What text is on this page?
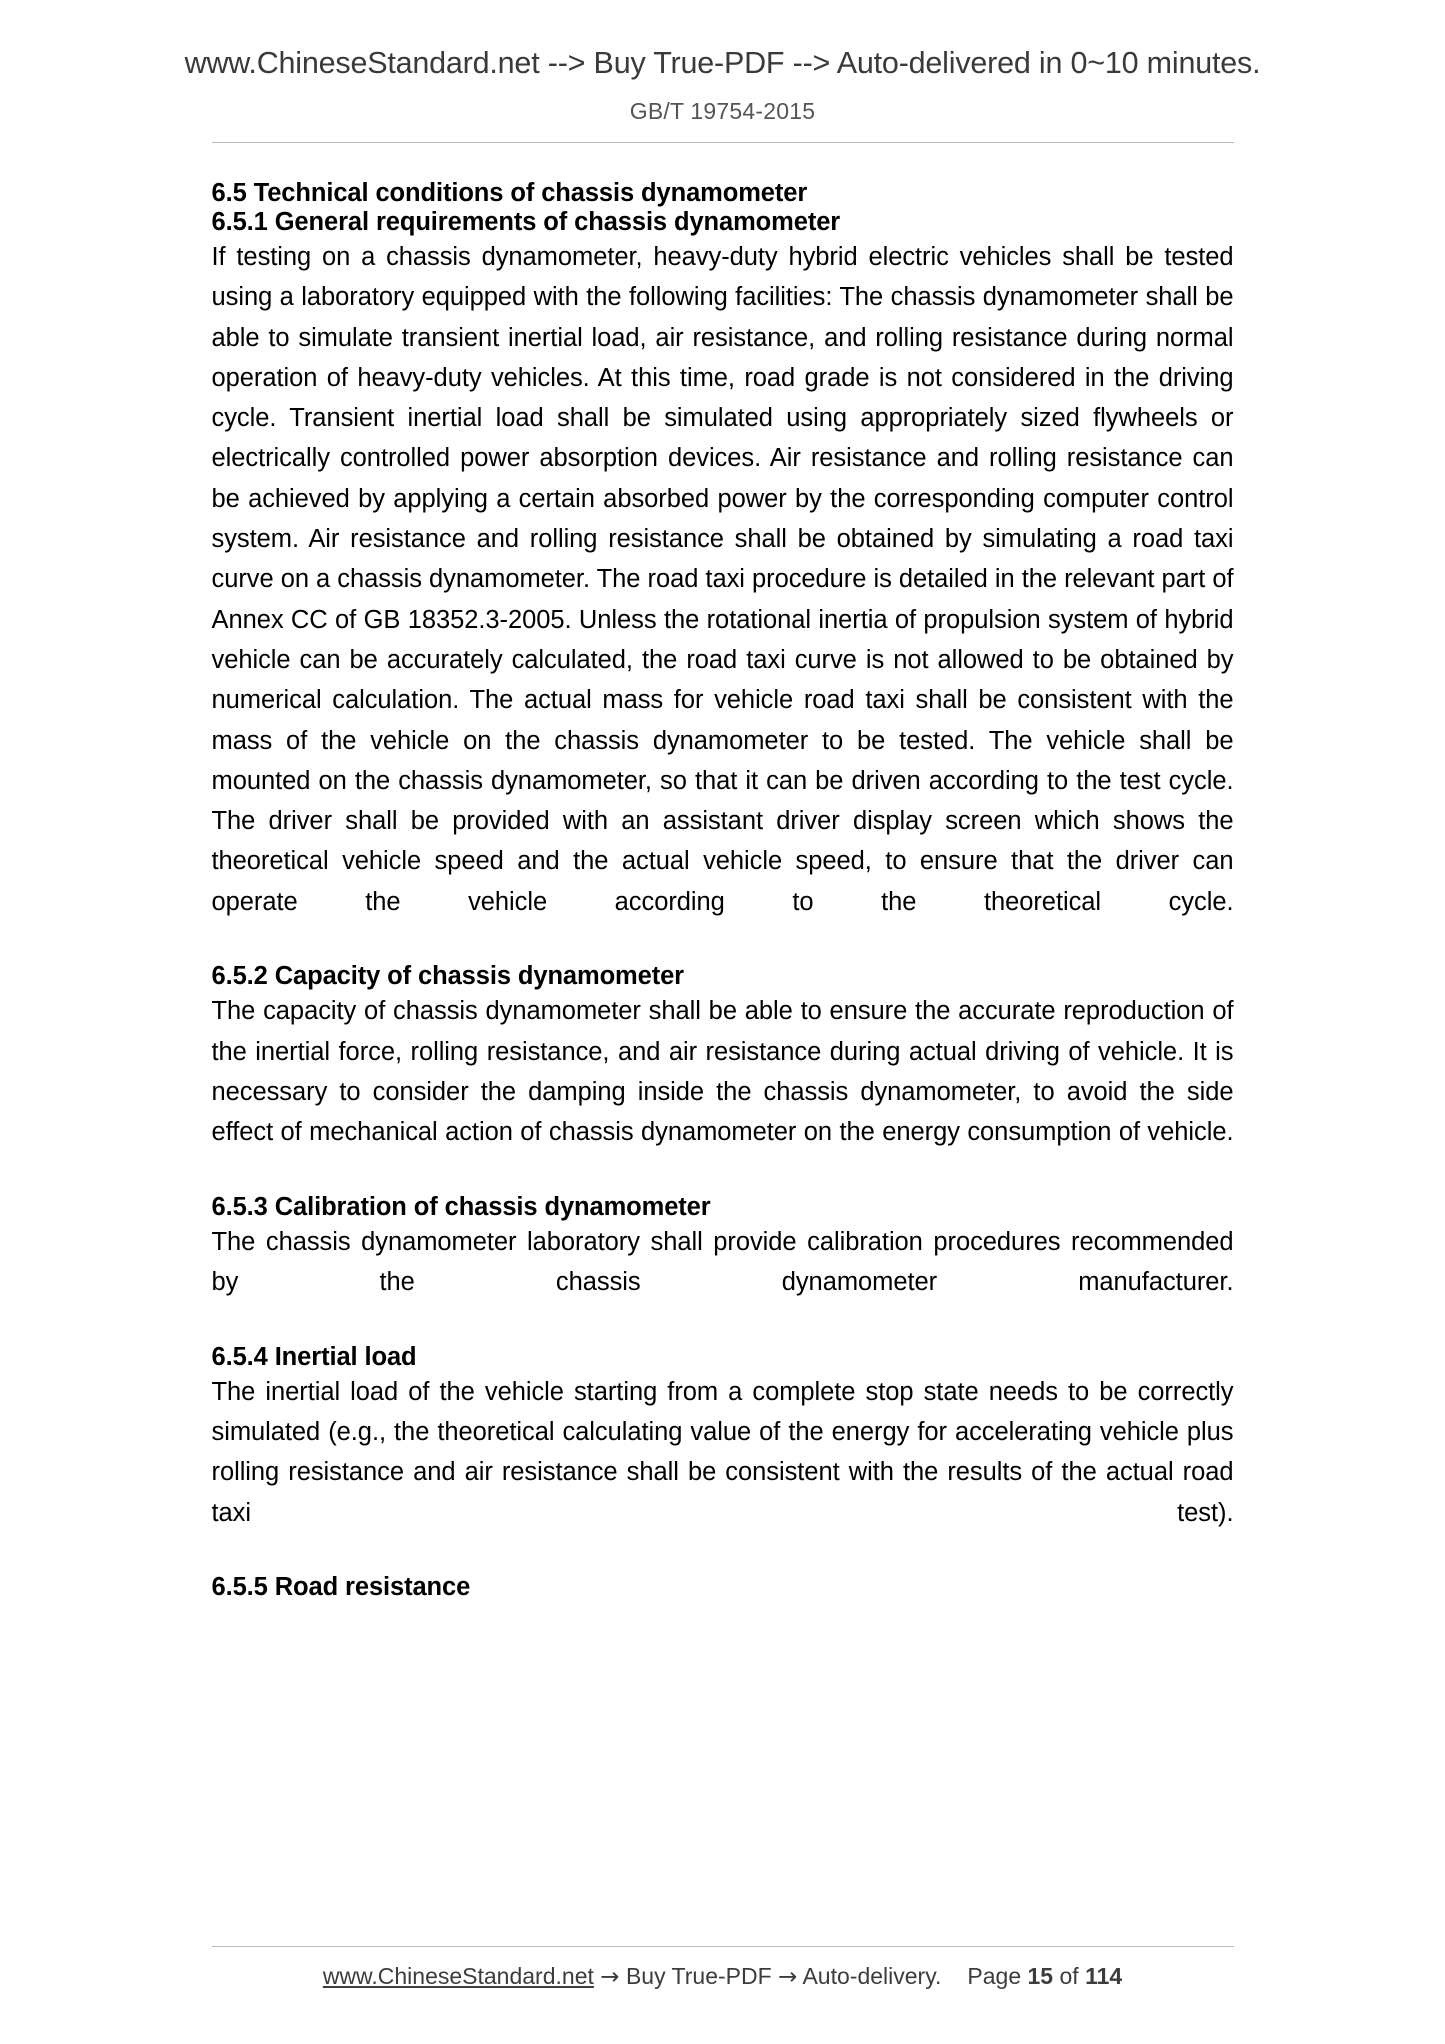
www.ChineseStandard.net --> Buy True-PDF --> Auto-delivered in 0~10 minutes.
GB/T 19754-2015
6.5 Technical conditions of chassis dynamometer
6.5.1 General requirements of chassis dynamometer

If testing on a chassis dynamometer, heavy-duty hybrid electric vehicles shall be tested using a laboratory equipped with the following facilities: The chassis dynamometer shall be able to simulate transient inertial load, air resistance, and rolling resistance during normal operation of heavy-duty vehicles. At this time, road grade is not considered in the driving cycle. Transient inertial load shall be simulated using appropriately sized flywheels or electrically controlled power absorption devices. Air resistance and rolling resistance can be achieved by applying a certain absorbed power by the corresponding computer control system. Air resistance and rolling resistance shall be obtained by simulating a road taxi curve on a chassis dynamometer. The road taxi procedure is detailed in the relevant part of Annex CC of GB 18352.3-2005. Unless the rotational inertia of propulsion system of hybrid vehicle can be accurately calculated, the road taxi curve is not allowed to be obtained by numerical calculation. The actual mass for vehicle road taxi shall be consistent with the mass of the vehicle on the chassis dynamometer to be tested. The vehicle shall be mounted on the chassis dynamometer, so that it can be driven according to the test cycle. The driver shall be provided with an assistant driver display screen which shows the theoretical vehicle speed and the actual vehicle speed, to ensure that the driver can operate the vehicle according to the theoretical cycle.

6.5.2 Capacity of chassis dynamometer

The capacity of chassis dynamometer shall be able to ensure the accurate reproduction of the inertial force, rolling resistance, and air resistance during actual driving of vehicle. It is necessary to consider the damping inside the chassis dynamometer, to avoid the side effect of mechanical action of chassis dynamometer on the energy consumption of vehicle.

6.5.3 Calibration of chassis dynamometer

The chassis dynamometer laboratory shall provide calibration procedures recommended by the chassis dynamometer manufacturer.

6.5.4 Inertial load

The inertial load of the vehicle starting from a complete stop state needs to be correctly simulated (e.g., the theoretical calculating value of the energy for accelerating vehicle plus rolling resistance and air resistance shall be consistent with the results of the actual road taxi test).

6.5.5 Road resistance
www.ChineseStandard.net → Buy True-PDF → Auto-delivery. Page 15 of 114
